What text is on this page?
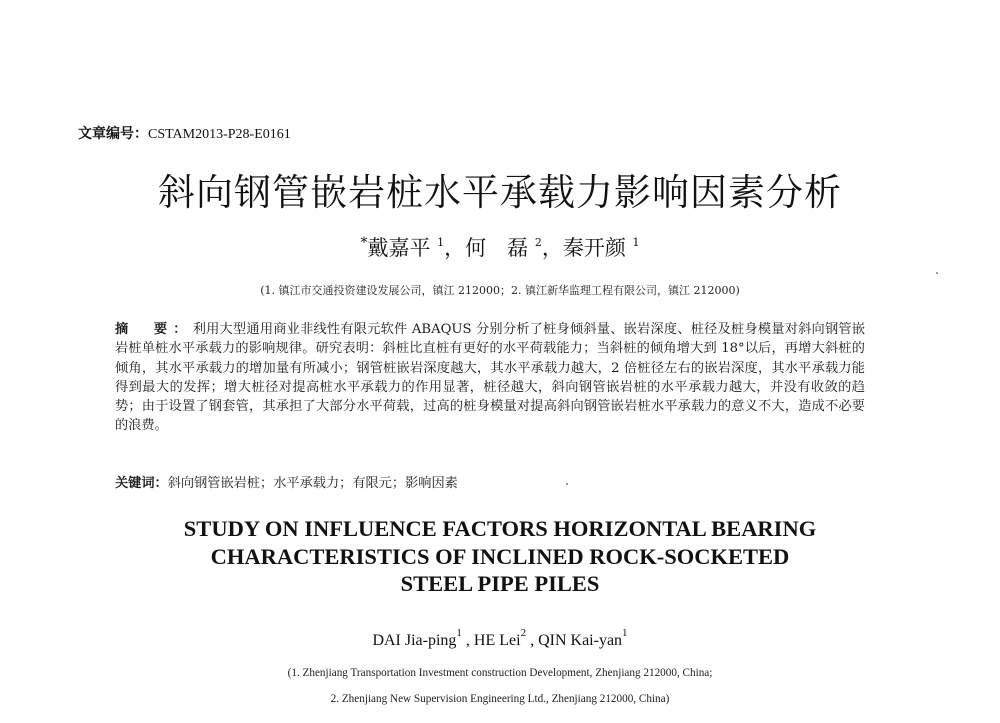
文章编号：CSTAM2013-P28-E0161
斜向钢管嵌岩桩水平承载力影响因素分析
*戴嘉平 $^1$，何　磊 $^2$，秦开颜 $^1$
(1. 镇江市交通投资建设发展公司，镇江 212000；2. 镇江新华监理工程有限公司，镇江 212000)
摘　要：利用大型通用商业非线性有限元软件 ABAQUS 分别分析了桩身倾斜量、嵌岩深度、桩径及桩身模量对斜向钢管嵌岩桩单桩水平承载力的影响规律。研究表明：斜桩比直桩有更好的水平荷载能力；当斜桩的倾角增大到 18°以后，再增大斜桩的倾角，其水平承载力的增加量有所减小；钢管桩嵌岩深度越大，其水平承载力越大，2 倍桩径左右的嵌岩深度，其水平承载力能得到最大的发挥；增大桩径对提高桩水平承载力的作用显著，桩径越大，斜向钢管嵌岩桩的水平承载力越大，并没有收敛的趋势；由于设置了钢套管，其承担了大部分水平荷载，过高的桩身模量对提高斜向钢管嵌岩桩水平承载力的意义不大，造成不必要的浪费。
关键词：斜向钢管嵌岩桩；水平承载力；有限元；影响因素
STUDY ON INFLUENCE FACTORS HORIZONTAL BEARING
CHARACTERISTICS OF INCLINED ROCK-SOCKETED
STEEL PIPE PILES
DAI Jia-ping$^1$ , HE Lei$^2$ , QIN Kai-yan$^1$
(1. Zhenjiang Transportation Investment construction Development, Zhenjiang 212000, China;
2. Zhenjiang New Supervision Engineering Ltd., Zhenjiang 212000, China)
